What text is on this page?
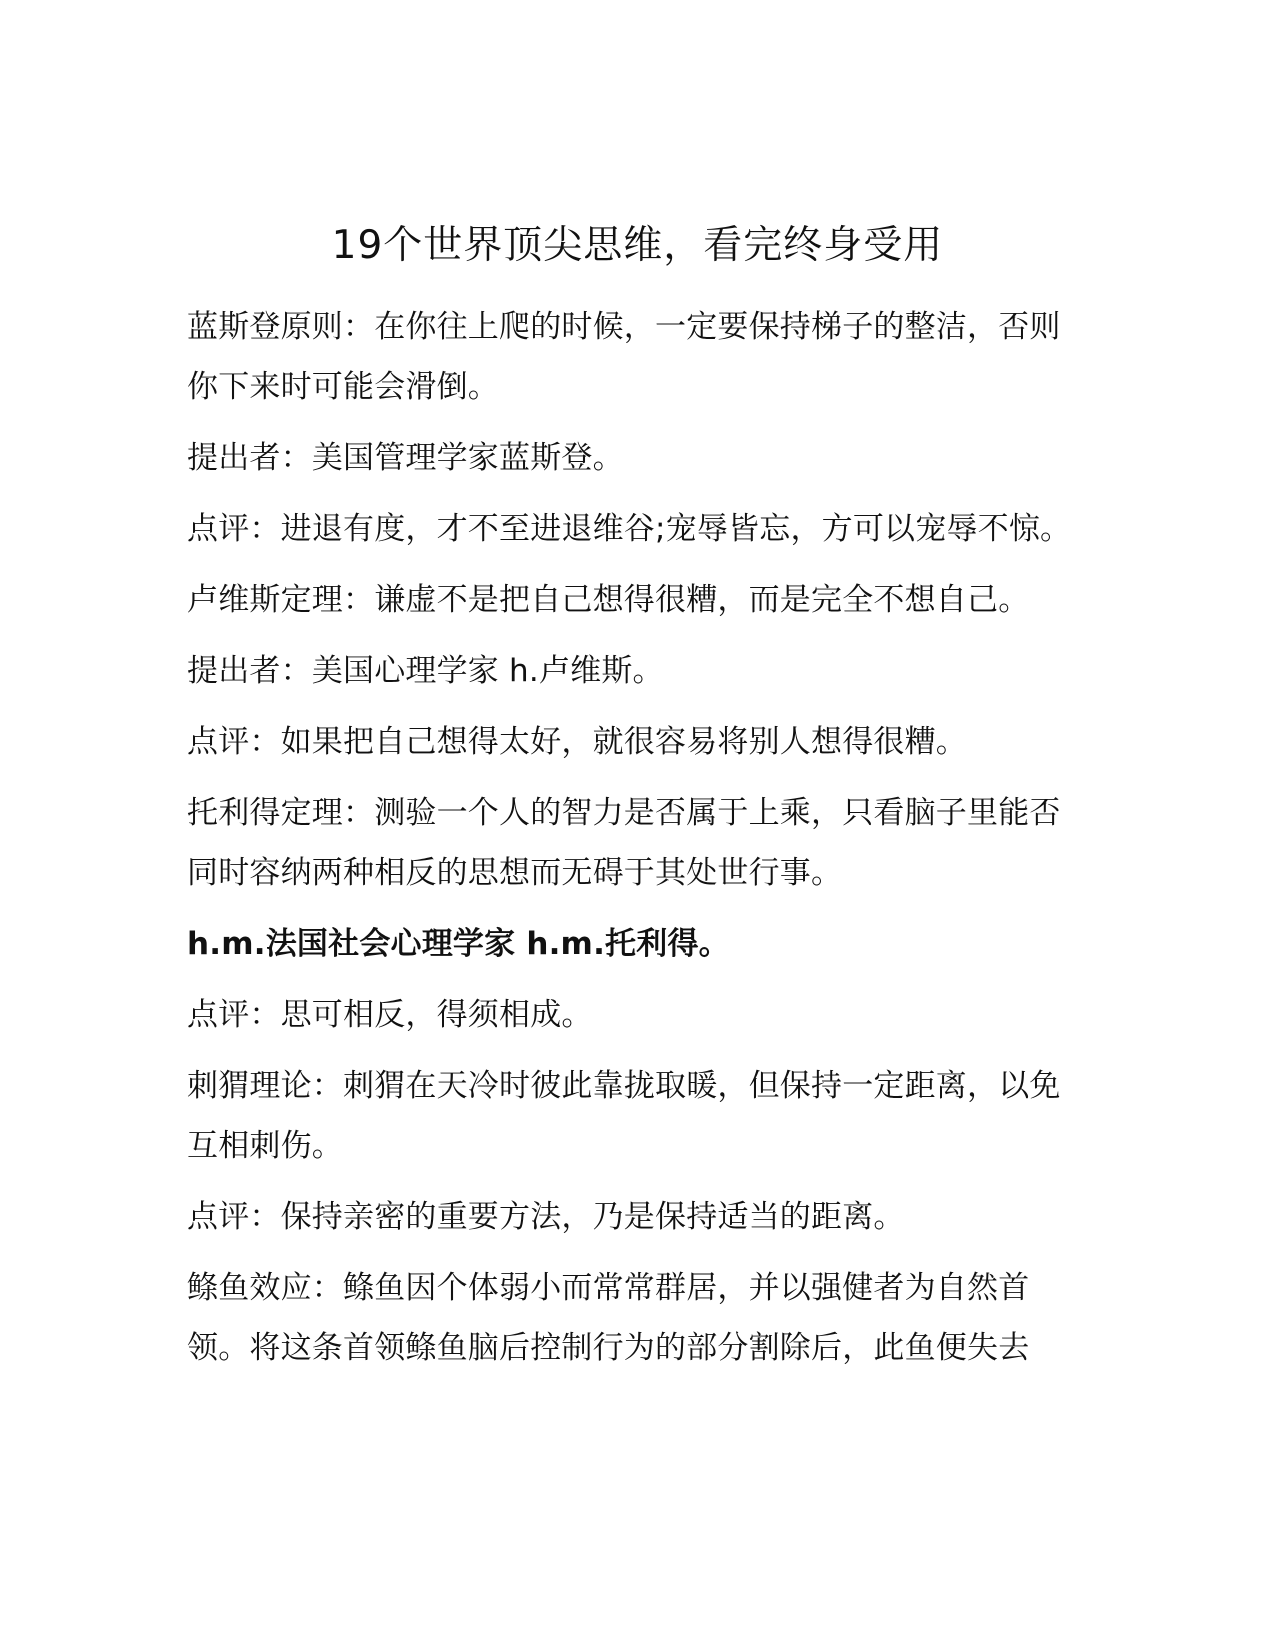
19个世界顶尖思维，看完终身受用

蓝斯登原则：在你往上爬的时候，一定要保持梯子的整洁，否则你下来时可能会滑倒。

提出者：美国管理学家蓝斯登。

点评：进退有度，才不至进退维谷;宠辱皆忘，方可以宠辱不惊。

卢维斯定理：谦虚不是把自己想得很糟，而是完全不想自己。

提出者：美国心理学家 h.卢维斯。

点评：如果把自己想得太好，就很容易将别人想得很糟。

托利得定理：测验一个人的智力是否属于上乘，只看脑子里能否同时容纳两种相反的思想而无碍于其处世行事。

h.m.法国社会心理学家 h.m.托利得。

点评：思可相反，得须相成。

刺猬理论：刺猬在天冷时彼此靠拢取暖，但保持一定距离，以免互相刺伤。

点评：保持亲密的重要方法，乃是保持适当的距离。

鲦鱼效应：鲦鱼因个体弱小而常常群居，并以强健者为自然首领。将这条首领鲦鱼脑后控制行为的部分割除后，此鱼便失去
